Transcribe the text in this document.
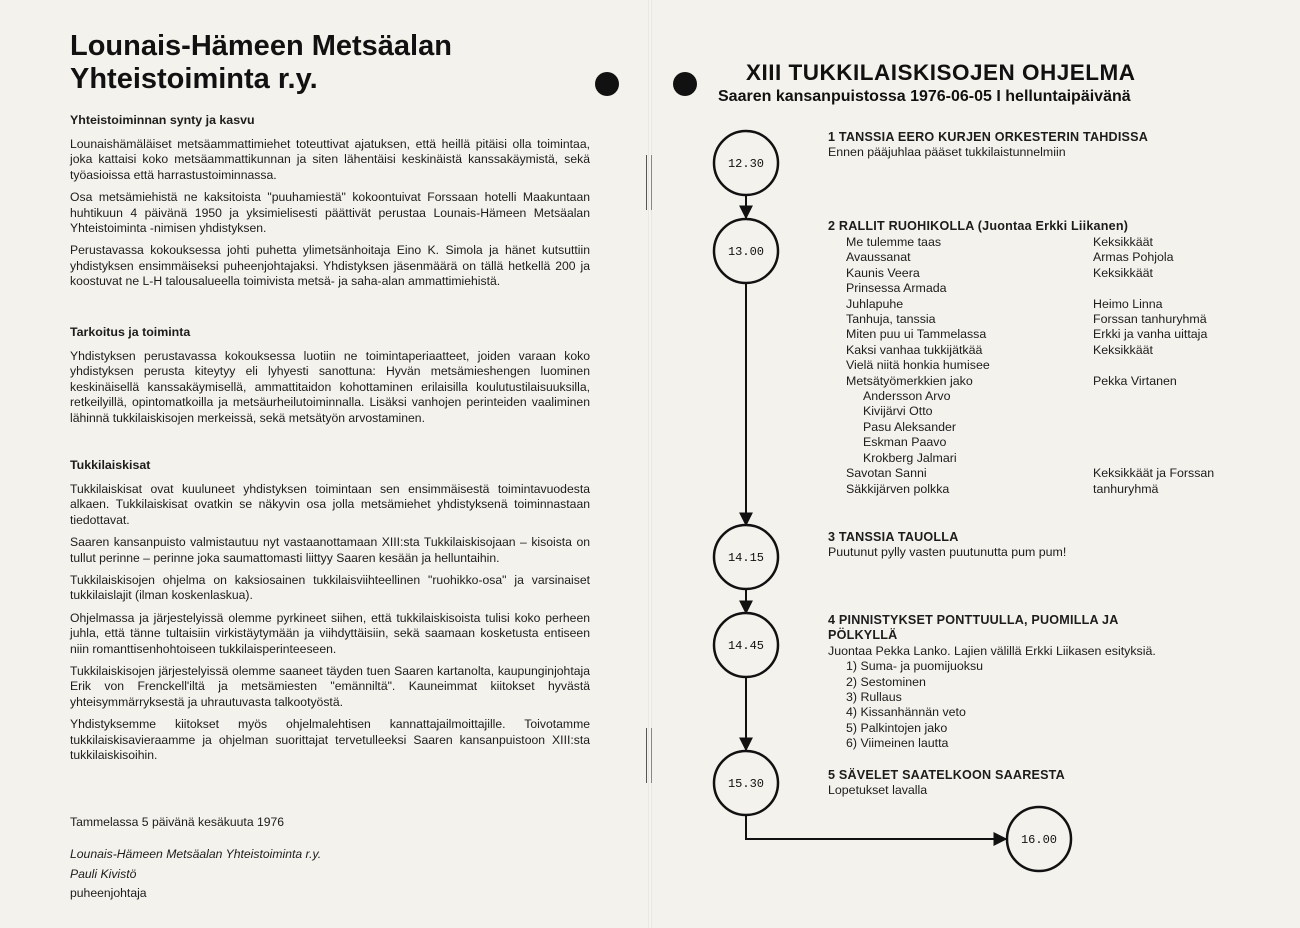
Lounais-Hämeen Metsäalan
Yhteistoiminta r.y.
Yhteistoiminnan synty ja kasvu

Lounaishämäläiset metsäammattimiehet toteuttivat ajatuksen, että heillä pitäisi olla toimintaa, joka kattaisi koko metsäammattikunnan ja siten lähentäisi keskinäistä kanssakäymistä, sekä työasioissa että harrastustoiminnassa.

Osa metsämiehistä ne kaksitoista "puuhamiestä" kokoontuivat Forssaan hotelli Maakuntaan huhtikuun 4 päivänä 1950 ja yksimielisesti päättivät perustaa Lounais-Hämeen Metsäalan Yhteistoiminta -nimisen yhdistyksen.

Perustavassa kokouksessa johti puhetta ylimetsänhoitaja Eino K. Simola ja hänet kutsuttiin yhdistyksen ensimmäiseksi puheenjohtajaksi. Yhdistyksen jäsenmäärä on tällä hetkellä 200 ja koostuvat ne L-H talousalueella toimivista metsä- ja saha-alan ammattimiehistä.

Tarkoitus ja toiminta

Yhdistyksen perustavassa kokouksessa luotiin ne toimintaperiaatteet, joiden varaan koko yhdistyksen perusta kiteytyy eli lyhyesti sanottuna: Hyvän metsämieshengen luominen keskinäisellä kanssakäymisellä, ammattitaidon kohottaminen erilaisilla koulutustilaisuuksilla, retkeilyillä, opintomatkoilla ja metsäurheilutoiminnalla. Lisäksi vanhojen perinteiden vaaliminen lähinnä tukkilaiskisojen merkeissä, sekä metsätyön arvostaminen.

Tukkilaiskisat

Tukkilaiskisat ovat kuuluneet yhdistyksen toimintaan sen ensimmäisestä toimintavuodesta alkaen. Tukkilaiskisat ovatkin se näkyvin osa jolla metsämiehet yhdistyksenä toiminnastaan tiedottavat.

Saaren kansanpuisto valmistautuu nyt vastaanottamaan XIII:sta Tukkilaiskisojaan – kisoista on tullut perinne – perinne joka saumattomasti liittyy Saaren kesään ja helluntaihin.

Tukkilaiskisojen ohjelma on kaksiosainen tukkilaisviihteellinen "ruohikko-osa" ja varsinaiset tukkilaislajit (ilman koskenlaskua).

Ohjelmassa ja järjestelyissä olemme pyrkineet siihen, että tukkilaiskisoista tulisi koko perheen juhla, että tänne tultaisiin virkistäytymään ja viihdyttäisiin, sekä saamaan kosketusta entiseen niin romanttisenhohtoiseen tukkilaisperinteeseen.

Tukkilaiskisojen järjestelyissä olemme saaneet täyden tuen Saaren kartanolta, kaupunginjohtaja Erik von Frenckell'iltä ja metsämiesten "emänniltä". Kauneimmat kiitokset hyvästä yhteisymmärryksestä ja uhrautuvasta talkootyöstä.

Yhdistyksemme kiitokset myös ohjelmalehtisen kannattajailmoittajille. Toivotamme tukkilaiskisavieraamme ja ohjelman suorittajat tervetulleeksi Saaren kansanpuistoon XIII:sta tukkilaiskisoihin.

Tammelassa 5 päivänä kesäkuuta 1976
Lounais-Hämeen Metsäalan Yhteistoiminta r.y.
Pauli Kivistö
puheenjohtaja
XIII TUKKILAISKISOJEN OHJELMA
Saaren kansanpuistossa 1976-06-05 I helluntaipäivänä
12.30
13.00
14.15
14.45
15.30
16.00
1 TANSSIA EERO KURJEN ORKESTERIN TAHDISSA
Ennen pääjuhlaa pääset tukkilaistunnelmiin
2 RALLIT RUOHIKOLLA (Juontaa Erkki Liikanen)
Me tulemme taas
Avaussanat
Kaunis Veera
Prinsessa Armada
Juhlapuhe
Tanhuja, tanssia
Miten puu ui Tammelassa
Kaksi vanhaa tukkijätkää
Vielä niitä honkia humisee
Metsätyömerkkien jako
Andersson Arvo
Kivijärvi Otto
Pasu Aleksander
Eskman Paavo
Krokberg Jalmari
Savotan Sanni
Säkkijärven polkka
Keksikkäät
Armas Pohjola
Keksikkäät

Heimo Linna
Forssan tanhuryhmä
Erkki ja vanha uittaja
Keksikkäät

Pekka Virtanen

Keksikkäät ja Forssan
tanhuryhmä
3 TANSSIA TAUOLLA
Puutunut pylly vasten puutunutta pum pum!
4 PINNISTYKSET PONTTUULLA, PUOMILLA JA
PÖLKYLLÄ
Juontaa Pekka Lanko. Lajien välillä Erkki Liikasen esityksiä.
1) Suma- ja puomijuoksu
2) Sestominen
3) Rullaus
4) Kissanhännän veto
5) Palkintojen jako
6) Viimeinen lautta
5 SÄVELET SAATELKOON SAARESTA
Lopetukset lavalla
